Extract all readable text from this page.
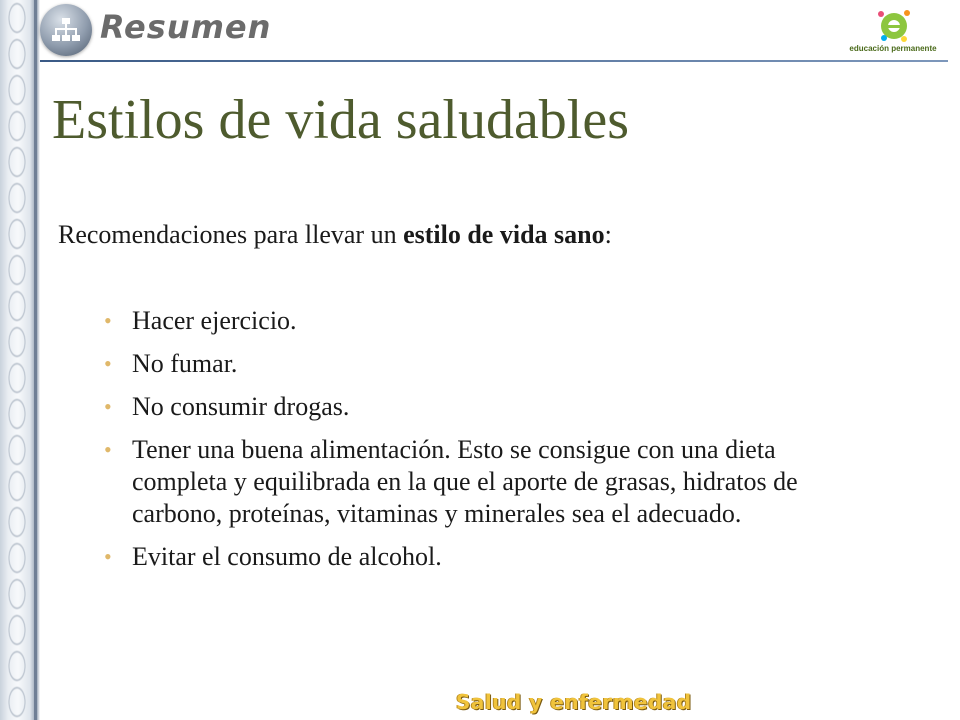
Resumen
educación permanente
Estilos de vida saludables

Recomendaciones para llevar un estilo de vida sano:

• Hacer ejercicio.
• No fumar.
• No consumir drogas.
• Tener una buena alimentación. Esto se consigue con una dieta completa y equilibrada en la que el aporte de grasas, hidratos de carbono, proteínas, vitaminas y minerales sea el adecuado.
• Evitar el consumo de alcohol.
Salud y enfermedad
